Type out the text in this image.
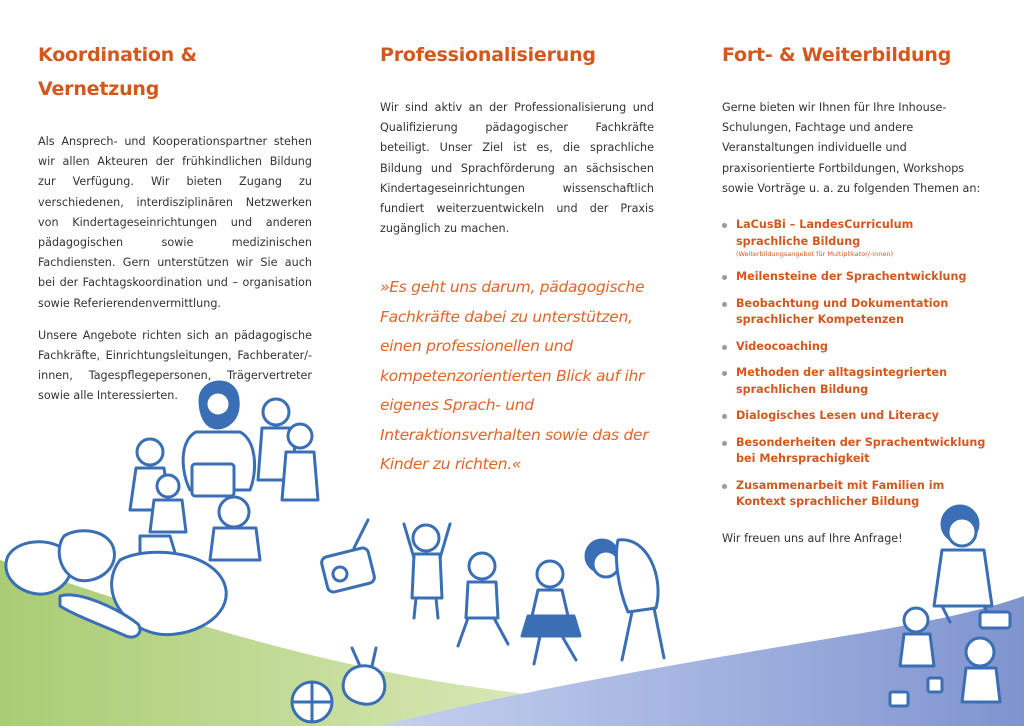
Koordination & Vernetzung

Als Ansprech- und Kooperationspartner stehen wir allen Akteuren der frühkindlichen Bildung zur Verfügung. Wir bieten Zugang zu verschiedenen, interdisziplinären Netzwerken von Kindertageseinrichtungen und anderen pädagogischen sowie medizinischen Fachdiensten. Gern unterstützen wir Sie auch bei der Fachtagskoordination und – organisation sowie Referierendenvermittlung.

Unsere Angebote richten sich an pädagogische Fachkräfte, Einrichtungsleitungen, Fachberater/-innen, Tagespflegepersonen, Trägervertreter sowie alle Interessierten.

Professionalisierung

Wir sind aktiv an der Professionalisierung und Qualifizierung pädagogischer Fachkräfte beteiligt. Unser Ziel ist es, die sprachliche Bildung und Sprachförderung an sächsischen Kindertageseinrichtungen wissenschaftlich fundiert weiterzuentwickeln und der Praxis zugänglich zu machen.

»Es geht uns darum, pädagogische Fachkräfte dabei zu unterstützen, einen professionellen und kompetenzorientierten Blick auf ihr eigenes Sprach- und Interaktionsverhalten sowie das der Kinder zu richten.«
Fort- & Weiterbildung

Gerne bieten wir Ihnen für Ihre Inhouse-Schulungen, Fachtage und andere Veranstaltungen individuelle und praxisorientierte Fortbildungen, Workshops sowie Vorträge u. a. zu folgenden Themen an:

LaCusBi – LandesCurriculum sprachliche Bildung
(Weiterbildungsangebot für Multiplikator/-innen)
Meilensteine der Sprachentwicklung
Beobachtung und Dokumentation sprachlicher Kompetenzen
Videocoaching
Methoden der alltagsintegrierten sprachlichen Bildung
Dialogisches Lesen und Literacy
Besonderheiten der Sprachentwicklung bei Mehrsprachigkeit
Zusammenarbeit mit Familien im Kontext sprachlicher Bildung

Wir freuen uns auf Ihre Anfrage!
